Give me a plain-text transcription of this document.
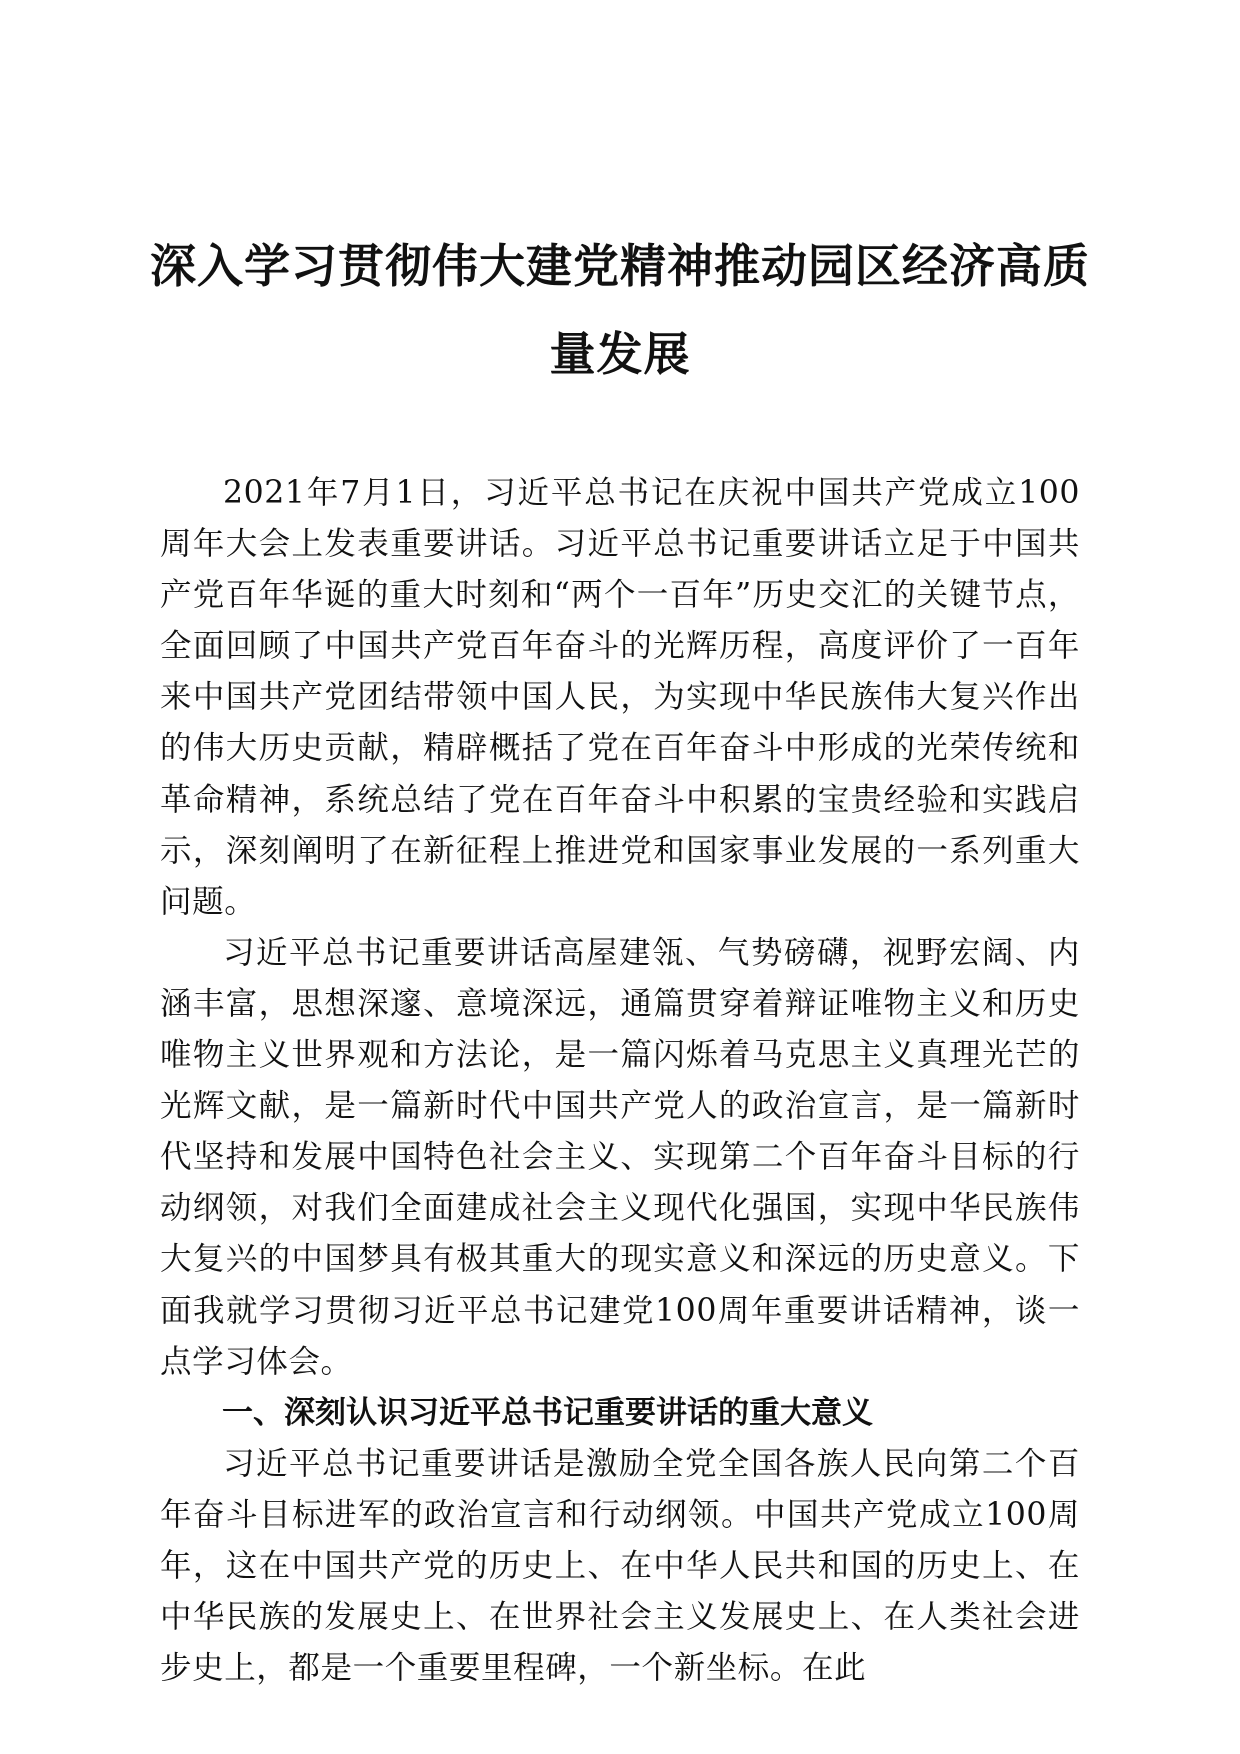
深入学习贯彻伟大建党精神推动园区经济高质量发展

2021年7月1日，习近平总书记在庆祝中国共产党成立100周年大会上发表重要讲话。习近平总书记重要讲话立足于中国共产党百年华诞的重大时刻和“两个一百年”历史交汇的关键节点，全面回顾了中国共产党百年奋斗的光辉历程，高度评价了一百年来中国共产党团结带领中国人民，为实现中华民族伟大复兴作出的伟大历史贡献，精辟概括了党在百年奋斗中形成的光荣传统和革命精神，系统总结了党在百年奋斗中积累的宝贵经验和实践启示，深刻阐明了在新征程上推进党和国家事业发展的一系列重大问题。

习近平总书记重要讲话高屋建瓴、气势磅礴，视野宏阔、内涵丰富，思想深邃、意境深远，通篇贯穿着辩证唯物主义和历史唯物主义世界观和方法论，是一篇闪烁着马克思主义真理光芒的光辉文献，是一篇新时代中国共产党人的政治宣言，是一篇新时代坚持和发展中国特色社会主义、实现第二个百年奋斗目标的行动纲领，对我们全面建成社会主义现代化强国，实现中华民族伟大复兴的中国梦具有极其重大的现实意义和深远的历史意义。下面我就学习贯彻习近平总书记建党100周年重要讲话精神，谈一点学习体会。

一、深刻认识习近平总书记重要讲话的重大意义

习近平总书记重要讲话是激励全党全国各族人民向第二个百年奋斗目标进军的政治宣言和行动纲领。中国共产党成立100周年，这在中国共产党的历史上、在中华人民共和国的历史上、在中华民族的发展史上、在世界社会主义发展史上、在人类社会进步史上，都是一个重要里程碑，一个新坐标。在此
